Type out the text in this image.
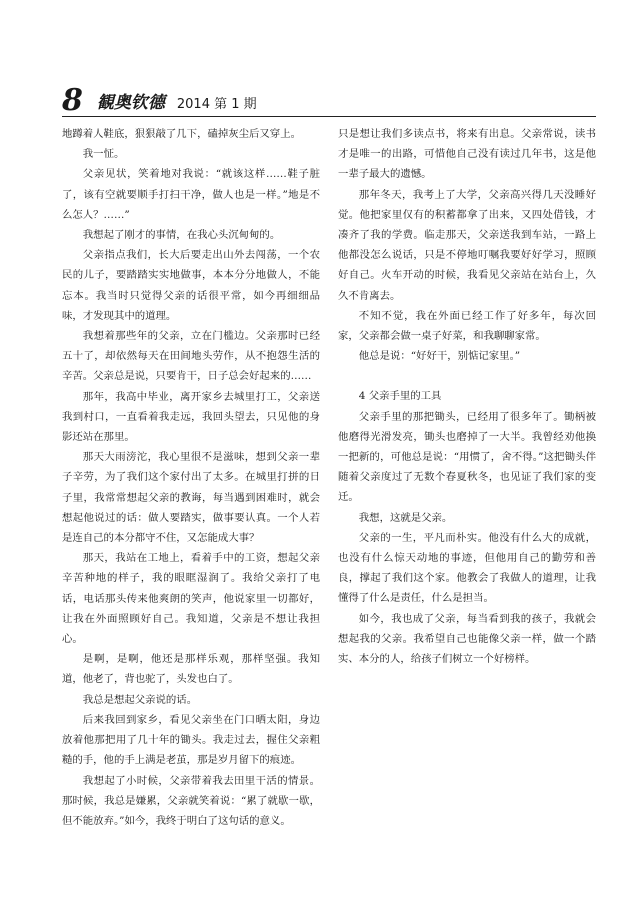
8 観奥钦德 2014 第 1 期

地蹲着人鞋底，狠狠敲了几下，磕掉灰尘后又穿上。

我一怔。

父亲见状，笑着地对我说：“就该这样……鞋子脏了，该有空就要顺手打扫干净，做人也是一样。”地是不么怎人？……”

我想起了刚才的事情，在我心头沉甸甸的。

父亲指点我们，长大后要走出山外去闯荡，一个农民的儿子，要踏踏实实地做事，本本分分地做人，不能忘本。我当时只觉得父亲的话很平常，如今再细细品味，才发现其中的道理。

我想着那些年的父亲，立在门槛边。父亲那时已经五十了，却依然每天在田间地头劳作，从不抱怨生活的辛苦。父亲总是说，只要肯干，日子总会好起来的……

那年，我高中毕业，离开家乡去城里打工，父亲送我到村口，一直看着我走远，我回头望去，只见他的身影还站在那里。

那天大雨滂沱，我心里很不是滋味，想到父亲一辈子辛劳，为了我们这个家付出了太多。在城里打拼的日子里，我常常想起父亲的教诲，每当遇到困难时，就会想起他说过的话：做人要踏实，做事要认真。一个人若是连自己的本分都守不住，又怎能成大事？

那天，我站在工地上，看着手中的工资，想起父亲辛苦种地的样子，我的眼眶湿润了。我给父亲打了电话，电话那头传来他爽朗的笑声，他说家里一切都好，让我在外面照顾好自己。我知道，父亲是不想让我担心。

是啊，是啊，他还是那样乐观，那样坚强。我知道，他老了，背也驼了，头发也白了。

我总是想起父亲说的话。

后来我回到家乡，看见父亲坐在门口晒太阳，身边放着他那把用了几十年的锄头。我走过去，握住父亲粗糙的手，他的手上满是老茧，那是岁月留下的痕迹。

我想起了小时候，父亲带着我去田里干活的情景。那时候，我总是嫌累，父亲就笑着说：“累了就歇一歇，但不能放弃。”如今，我终于明白了这句话的意义。

只是想让我们多读点书，将来有出息。父亲常说，读书才是唯一的出路，可惜他自己没有读过几年书，这是他一辈子最大的遗憾。

那年冬天，我考上了大学，父亲高兴得几天没睡好觉。他把家里仅有的积蓄都拿了出来，又四处借钱，才凑齐了我的学费。临走那天，父亲送我到车站，一路上他都没怎么说话，只是不停地叮嘱我要好好学习，照顾好自己。火车开动的时候，我看见父亲站在站台上，久久不肯离去。

不知不觉，我在外面已经工作了好多年，每次回家，父亲都会做一桌子好菜，和我聊聊家常。

他总是说：“好好干，别惦记家里。”

4 父亲手里的工具

父亲手里的那把锄头，已经用了很多年了。锄柄被他磨得光滑发亮，锄头也磨掉了一大半。我曾经劝他换一把新的，可他总是说：“用惯了，舍不得。”这把锄头伴随着父亲度过了无数个春夏秋冬，也见证了我们家的变迁。

我想，这就是父亲。

父亲的一生，平凡而朴实。他没有什么大的成就，也没有什么惊天动地的事迹，但他用自己的勤劳和善良，撑起了我们这个家。他教会了我做人的道理，让我懂得了什么是责任，什么是担当。

如今，我也成了父亲，每当看到我的孩子，我就会想起我的父亲。我希望自己也能像父亲一样，做一个踏实、本分的人，给孩子们树立一个好榜样。
